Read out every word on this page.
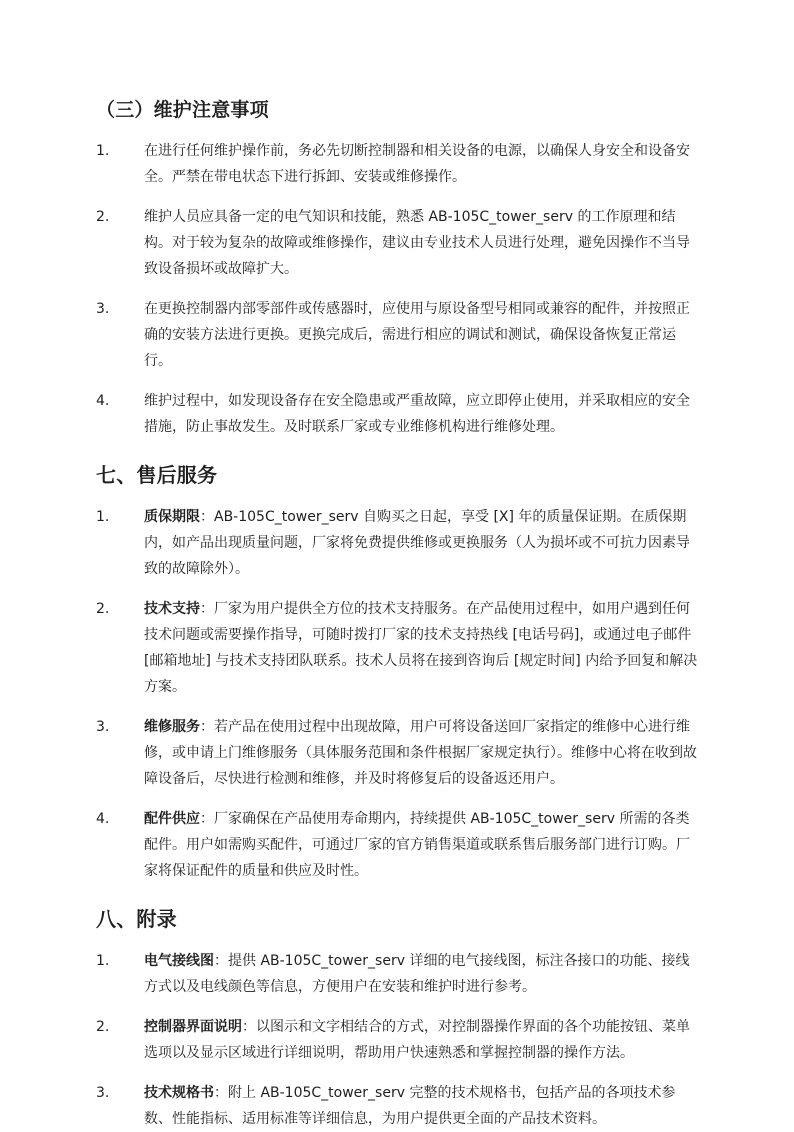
（三）维护注意事项
1.	在进行任何维护操作前，务必先切断控制器和相关设备的电源，以确保人身安全和设备安全。严禁在带电状态下进行拆卸、安装或维修操作。
2.	维护人员应具备一定的电气知识和技能，熟悉 AB-105C_tower_serv 的工作原理和结构。对于较为复杂的故障或维修操作，建议由专业技术人员进行处理，避免因操作不当导致设备损坏或故障扩大。
3.	在更换控制器内部零部件或传感器时，应使用与原设备型号相同或兼容的配件，并按照正确的安装方法进行更换。更换完成后，需进行相应的调试和测试，确保设备恢复正常运行。
4.	维护过程中，如发现设备存在安全隐患或严重故障，应立即停止使用，并采取相应的安全措施，防止事故发生。及时联系厂家或专业维修机构进行维修处理。
七、售后服务
1.	质保期限：AB-105C_tower_serv 自购买之日起，享受 [X] 年的质量保证期。在质保期内，如产品出现质量问题，厂家将免费提供维修或更换服务（人为损坏或不可抗力因素导致的故障除外）。
2.	技术支持：厂家为用户提供全方位的技术支持服务。在产品使用过程中，如用户遇到任何技术问题或需要操作指导，可随时拨打厂家的技术支持热线 [电话号码]，或通过电子邮件 [邮箱地址] 与技术支持团队联系。技术人员将在接到咨询后 [规定时间] 内给予回复和解决方案。
3.	维修服务：若产品在使用过程中出现故障，用户可将设备送回厂家指定的维修中心进行维修，或申请上门维修服务（具体服务范围和条件根据厂家规定执行）。维修中心将在收到故障设备后，尽快进行检测和维修，并及时将修复后的设备返还用户。
4.	配件供应：厂家确保在产品使用寿命期内，持续提供 AB-105C_tower_serv 所需的各类配件。用户如需购买配件，可通过厂家的官方销售渠道或联系售后服务部门进行订购。厂家将保证配件的质量和供应及时性。
八、附录
1.	电气接线图：提供 AB-105C_tower_serv 详细的电气接线图，标注各接口的功能、接线方式以及电线颜色等信息，方便用户在安装和维护时进行参考。
2.	控制器界面说明：以图示和文字相结合的方式，对控制器操作界面的各个功能按钮、菜单选项以及显示区域进行详细说明，帮助用户快速熟悉和掌握控制器的操作方法。
3.	技术规格书：附上 AB-105C_tower_serv 完整的技术规格书，包括产品的各项技术参数、性能指标、适用标准等详细信息，为用户提供更全面的产品技术资料。
